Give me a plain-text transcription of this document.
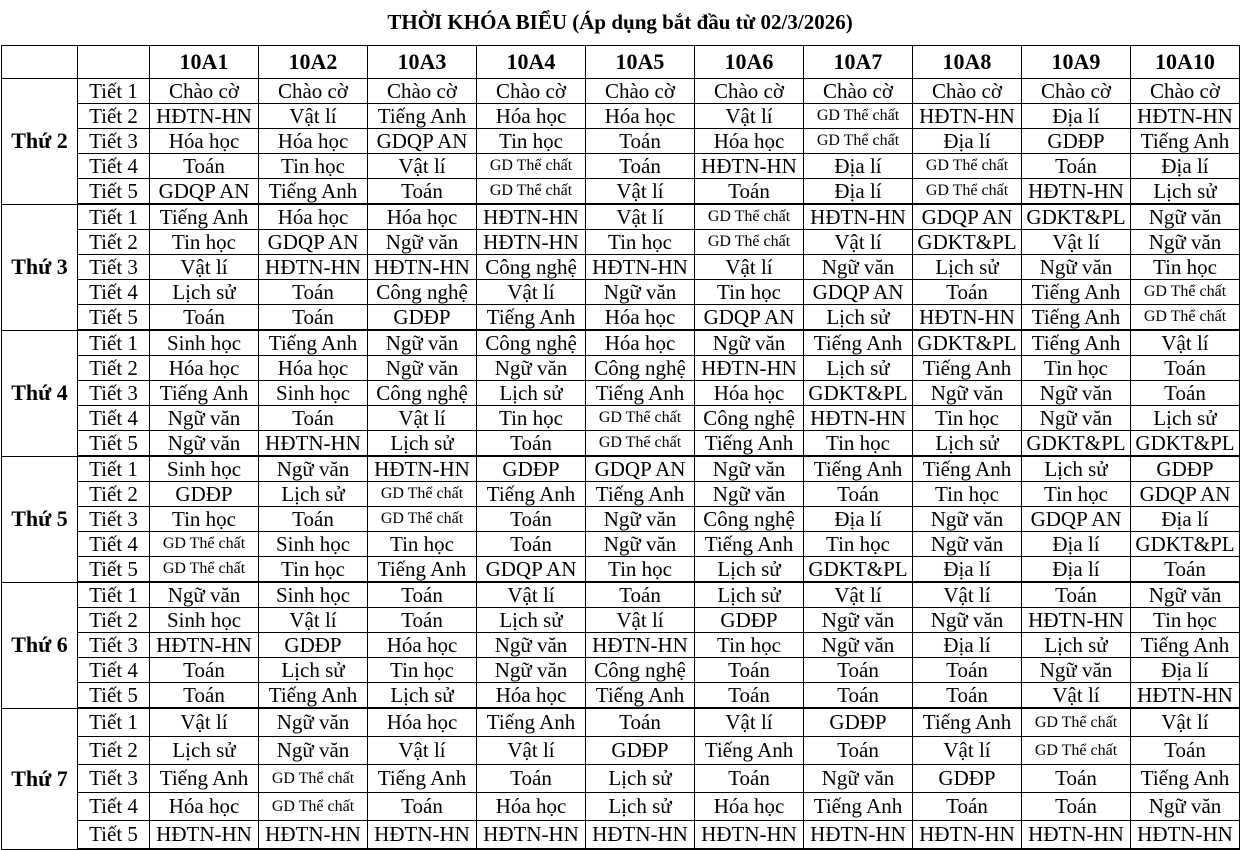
THỜI KHÓA BIỂU (Áp dụng bắt đầu từ 02/3/2026)
		10A1	10A2	10A3	10A4	10A5	10A6	10A7	10A8	10A9	10A10
Thứ 2	Tiết 1	Chào cờ	Chào cờ	Chào cờ	Chào cờ	Chào cờ	Chào cờ	Chào cờ	Chào cờ	Chào cờ	Chào cờ
	Tiết 2	HĐTN-HN	Vật lí	Tiếng Anh	Hóa học	Hóa học	Vật lí	GD Thể chất	HĐTN-HN	Địa lí	HĐTN-HN
	Tiết 3	Hóa học	Hóa học	GDQP AN	Tin học	Toán	Hóa học	GD Thể chất	Địa lí	GDĐP	Tiếng Anh
	Tiết 4	Toán	Tin học	Vật lí	GD Thể chất	Toán	HĐTN-HN	Địa lí	GD Thể chất	Toán	Địa lí
	Tiết 5	GDQP AN	Tiếng Anh	Toán	GD Thể chất	Vật lí	Toán	Địa lí	GD Thể chất	HĐTN-HN	Lịch sử
Thứ 3	Tiết 1	Tiếng Anh	Hóa học	Hóa học	HĐTN-HN	Vật lí	GD Thể chất	HĐTN-HN	GDQP AN	GDKT&PL	Ngữ văn
	Tiết 2	Tin học	GDQP AN	Ngữ văn	HĐTN-HN	Tin học	GD Thể chất	Vật lí	GDKT&PL	Vật lí	Ngữ văn
	Tiết 3	Vật lí	HĐTN-HN	HĐTN-HN	Công nghệ	HĐTN-HN	Vật lí	Ngữ văn	Lịch sử	Ngữ văn	Tin học
	Tiết 4	Lịch sử	Toán	Công nghệ	Vật lí	Ngữ văn	Tin học	GDQP AN	Toán	Tiếng Anh	GD Thể chất
	Tiết 5	Toán	Toán	GDĐP	Tiếng Anh	Hóa học	GDQP AN	Lịch sử	HĐTN-HN	Tiếng Anh	GD Thể chất
Thứ 4	Tiết 1	Sinh học	Tiếng Anh	Ngữ văn	Công nghệ	Hóa học	Ngữ văn	Tiếng Anh	GDKT&PL	Tiếng Anh	Vật lí
	Tiết 2	Hóa học	Hóa học	Ngữ văn	Ngữ văn	Công nghệ	HĐTN-HN	Lịch sử	Tiếng Anh	Tin học	Toán
	Tiết 3	Tiếng Anh	Sinh học	Công nghệ	Lịch sử	Tiếng Anh	Hóa học	GDKT&PL	Ngữ văn	Ngữ văn	Toán
	Tiết 4	Ngữ văn	Toán	Vật lí	Tin học	GD Thể chất	Công nghệ	HĐTN-HN	Tin học	Ngữ văn	Lịch sử
	Tiết 5	Ngữ văn	HĐTN-HN	Lịch sử	Toán	GD Thể chất	Tiếng Anh	Tin học	Lịch sử	GDKT&PL	GDKT&PL
Thứ 5	Tiết 1	Sinh học	Ngữ văn	HĐTN-HN	GDĐP	GDQP AN	Ngữ văn	Tiếng Anh	Tiếng Anh	Lịch sử	GDĐP
	Tiết 2	GDĐP	Lịch sử	GD Thể chất	Tiếng Anh	Tiếng Anh	Ngữ văn	Toán	Tin học	Tin học	GDQP AN
	Tiết 3	Tin học	Toán	GD Thể chất	Toán	Ngữ văn	Công nghệ	Địa lí	Ngữ văn	GDQP AN	Địa lí
	Tiết 4	GD Thể chất	Sinh học	Tin học	Toán	Ngữ văn	Tiếng Anh	Tin học	Ngữ văn	Địa lí	GDKT&PL
	Tiết 5	GD Thể chất	Tin học	Tiếng Anh	GDQP AN	Tin học	Lịch sử	GDKT&PL	Địa lí	Địa lí	Toán
Thứ 6	Tiết 1	Ngữ văn	Sinh học	Toán	Vật lí	Toán	Lịch sử	Vật lí	Vật lí	Toán	Ngữ văn
	Tiết 2	Sinh học	Vật lí	Toán	Lịch sử	Vật lí	GDĐP	Ngữ văn	Ngữ văn	HĐTN-HN	Tin học
	Tiết 3	HĐTN-HN	GDĐP	Hóa học	Ngữ văn	HĐTN-HN	Tin học	Ngữ văn	Địa lí	Lịch sử	Tiếng Anh
	Tiết 4	Toán	Lịch sử	Tin học	Ngữ văn	Công nghệ	Toán	Toán	Toán	Ngữ văn	Địa lí
	Tiết 5	Toán	Tiếng Anh	Lịch sử	Hóa học	Tiếng Anh	Toán	Toán	Toán	Vật lí	HĐTN-HN
Thứ 7	Tiết 1	Vật lí	Ngữ văn	Hóa học	Tiếng Anh	Toán	Vật lí	GDĐP	Tiếng Anh	GD Thể chất	Vật lí
	Tiết 2	Lịch sử	Ngữ văn	Vật lí	Vật lí	GDĐP	Tiếng Anh	Toán	Vật lí	GD Thể chất	Toán
	Tiết 3	Tiếng Anh	GD Thể chất	Tiếng Anh	Toán	Lịch sử	Toán	Ngữ văn	GDĐP	Toán	Tiếng Anh
	Tiết 4	Hóa học	GD Thể chất	Toán	Hóa học	Lịch sử	Hóa học	Tiếng Anh	Toán	Toán	Ngữ văn
	Tiết 5	HĐTN-HN	HĐTN-HN	HĐTN-HN	HĐTN-HN	HĐTN-HN	HĐTN-HN	HĐTN-HN	HĐTN-HN	HĐTN-HN	HĐTN-HN
